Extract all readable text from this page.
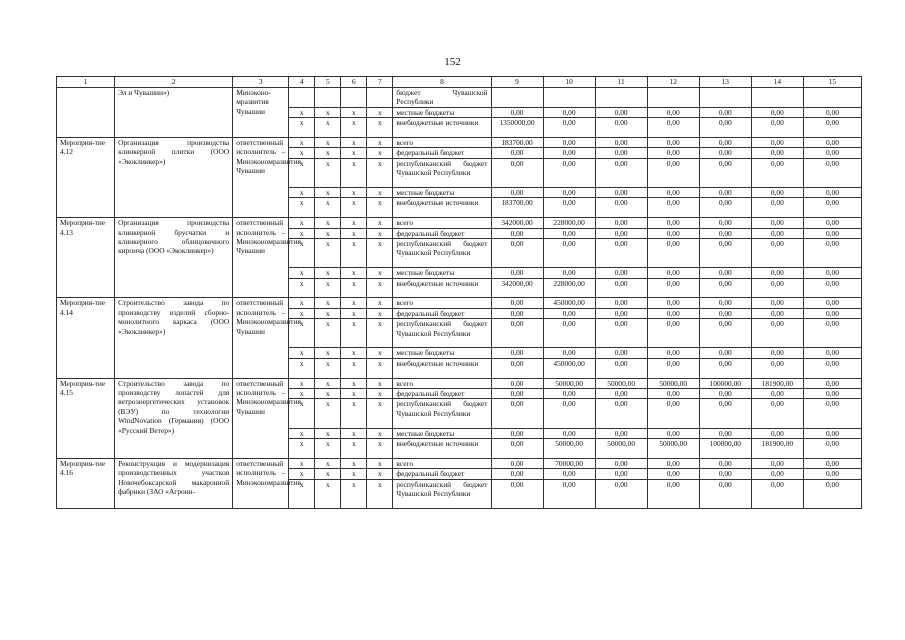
152
1	2	3	4	5	6	7	8	9	10	11	12	13	14	15
	Эл и Чувашии»)	Минэконо-мразвития Чувашии					бюджет Чувашской Республики							
			x	x	x	x	местные бюджеты	0,00	0,00	0,00	0,00	0,00	0,00	0,00
			x	x	x	x	внебюджетные источники	1350000,00	0,00	0,00	0,00	0,00	0,00	0,00
Мероприя-тие 4.12	Организация производства клинкерной плитки (ООО «Экоклинкер»)	ответственный исполнитель – Минэкономразвития Чувашии	x	x	x	x	всего	183700,00	0,00	0,00	0,00	0,00	0,00	0,00
			x	x	x	x	федеральный бюджет	0,00	0,00	0,00	0,00	0,00	0,00	0,00
			x	x	x	x	республиканский бюджет Чувашской Республики	0,00	0,00	0,00	0,00	0,00	0,00	0,00
			x	x	x	x	местные бюджеты	0,00	0,00	0,00	0,00	0,00	0,00	0,00
			x	x	x	x	внебюджетные источники	183700,00	0,00	0,00	0,00	0,00	0,00	0,00
Мероприя-тие 4.13	Организация производства клинкерной брусчатки и клинкерного облицовочного кирпича (ООО «Экоклинкер»)	ответственный исполнитель – Минэкономразвития Чувашии	x	x	x	x	всего	342000,00	228000,00	0,00	0,00	0,00	0,00	0,00
			x	x	x	x	федеральный бюджет	0,00	0,00	0,00	0,00	0,00	0,00	0,00
			x	x	x	x	республиканский бюджет Чувашской Республики	0,00	0,00	0,00	0,00	0,00	0,00	0,00
			x	x	x	x	местные бюджеты	0,00	0,00	0,00	0,00	0,00	0,00	0,00
			x	x	x	x	внебюджетные источники	342000,00	228000,00	0,00	0,00	0,00	0,00	0,00
Мероприя-тие 4.14	Строительство завода по производству изделий сборно-монолитного каркаса (ООО «Экоклинкер»)	ответственный исполнитель – Минэкономразвития Чувашии	x	x	x	x	всего	0,00	450000,00	0,00	0,00	0,00	0,00	0,00
			x	x	x	x	федеральный бюджет	0,00	0,00	0,00	0,00	0,00	0,00	0,00
			x	x	x	x	республиканский бюджет Чувашской Республики	0,00	0,00	0,00	0,00	0,00	0,00	0,00
			x	x	x	x	местные бюджеты	0,00	0,00	0,00	0,00	0,00	0,00	0,00
			x	x	x	x	внебюджетные источники	0,00	450000,00	0,00	0,00	0,00	0,00	0,00
Мероприя-тие 4.15	Строительство завода по производству лопастей для ветроэнергетических установок (ВЭУ) по технологии WindNovation (Германия) (ООО «Русский Ветер»)	ответственный исполнитель – Минэкономразвития Чувашии	x	x	x	x	всего	0,00	50000,00	50000,00	50000,00	100000,00	181900,00	0,00
			x	x	x	x	федеральный бюджет	0,00	0,00	0,00	0,00	0,00	0,00	0,00
			x	x	x	x	республиканский бюджет Чувашской Республики	0,00	0,00	0,00	0,00	0,00	0,00	0,00
			x	x	x	x	местные бюджеты	0,00	0,00	0,00	0,00	0,00	0,00	0,00
			x	x	x	x	внебюджетные источники	0,00	50000,00	50000,00	50000,00	100000,00	181900,00	0,00
Мероприя-тие 4.16	Реконструкция и модернизация производственных участков Новочебоксарской макаронной фабрики (ЗАО «Агроин-	ответственный исполнитель – Минэкономразвития	x	x	x	x	всего	0,00	70000,00	0,00	0,00	0,00	0,00	0,00
			x	x	x	x	федеральный бюджет	0,00	0,00	0,00	0,00	0,00	0,00	0,00
			x	x	x	x	республиканский бюджет Чувашской Республики	0,00	0,00	0,00	0,00	0,00	0,00	0,00
